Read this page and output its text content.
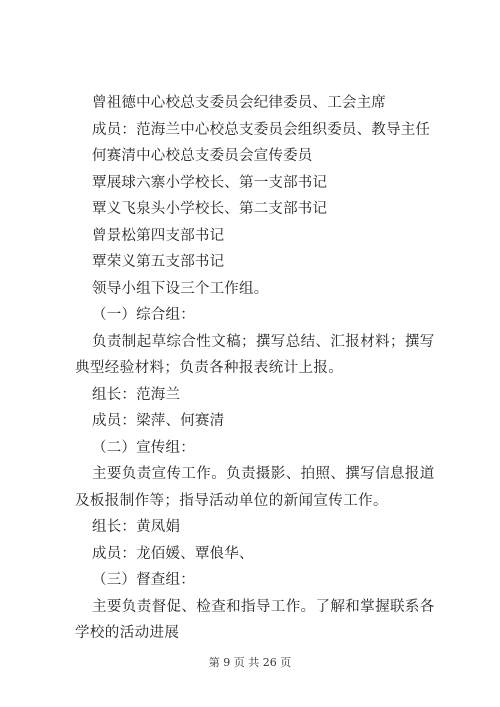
曾祖德中心校总支委员会纪律委员、工会主席
成员：范海兰中心校总支委员会组织委员、教导主任
何赛清中心校总支委员会宣传委员
覃展球六寨小学校长、第一支部书记
覃义飞泉头小学校长、第二支部书记
曾景松第四支部书记
覃荣义第五支部书记
领导小组下设三个工作组。
（一）综合组：
负责制起草综合性文稿；撰写总结、汇报材料；撰写典型经验材料；负责各种报表统计上报。
组长：范海兰
成员：梁萍、何赛清
（二）宣传组：
主要负责宣传工作。负责摄影、拍照、撰写信息报道及板报制作等；指导活动单位的新闻宣传工作。
组长：黄凤娟
成员：龙佰媛、覃俍华、
（三）督查组：
主要负责督促、检查和指导工作。了解和掌握联系各学校的活动进展
第 9 页 共 26 页
